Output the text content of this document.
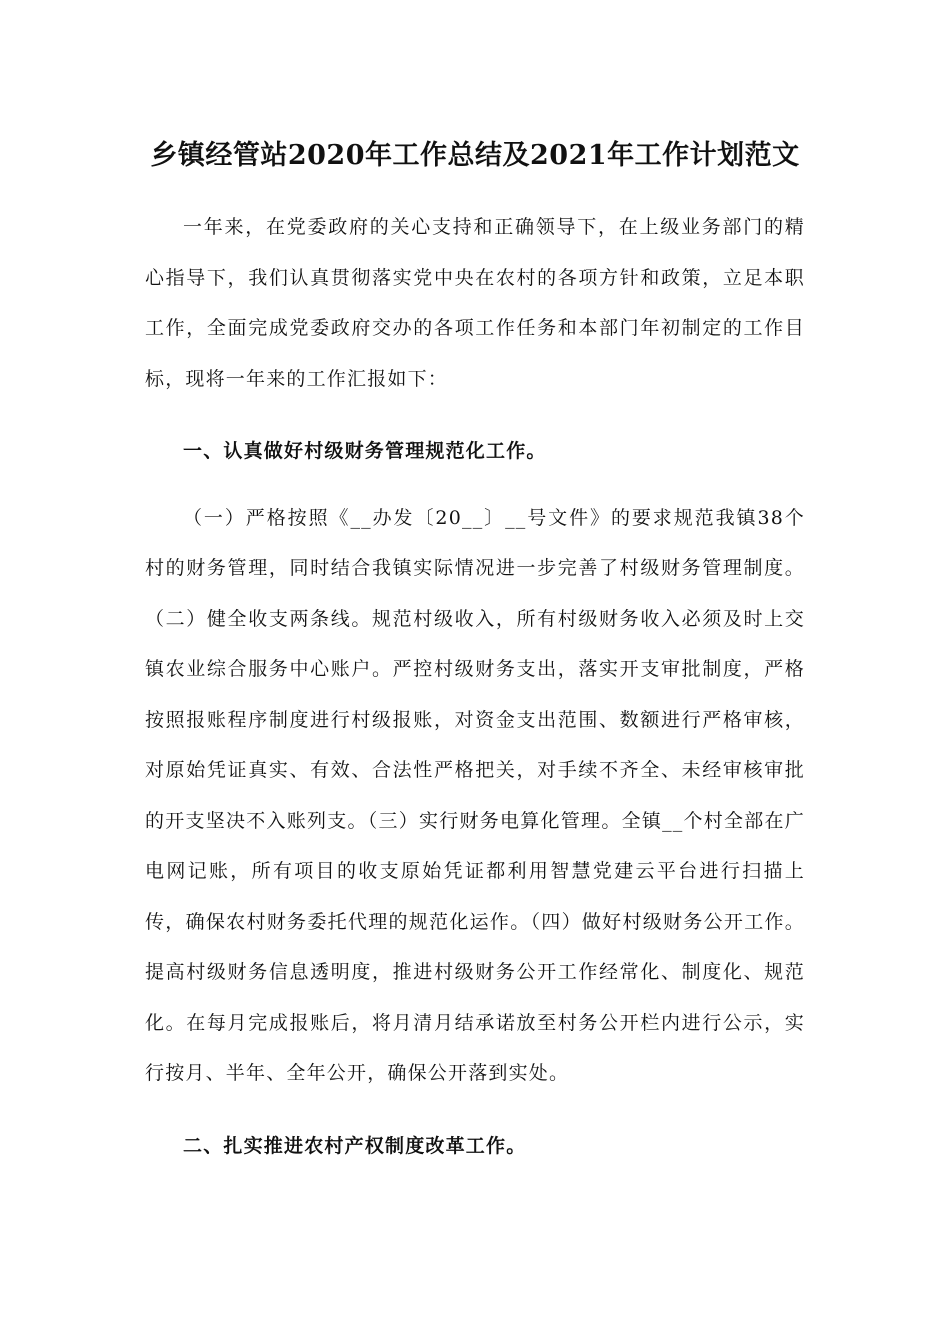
乡镇经管站2020年工作总结及2021年工作计划范文

一年来，在党委政府的关心支持和正确领导下，在上级业务部门的精心指导下，我们认真贯彻落实党中央在农村的各项方针和政策，立足本职工作，全面完成党委政府交办的各项工作任务和本部门年初制定的工作目标，现将一年来的工作汇报如下：

一、认真做好村级财务管理规范化工作。

（一）严格按照《__办发〔20__〕__号文件》的要求规范我镇38个村的财务管理，同时结合我镇实际情况进一步完善了村级财务管理制度。（二）健全收支两条线。规范村级收入，所有村级财务收入必须及时上交镇农业综合服务中心账户。严控村级财务支出，落实开支审批制度，严格按照报账程序制度进行村级报账，对资金支出范围、数额进行严格审核，对原始凭证真实、有效、合法性严格把关，对手续不齐全、未经审核审批的开支坚决不入账列支。（三）实行财务电算化管理。全镇__个村全部在广电网记账，所有项目的收支原始凭证都利用智慧党建云平台进行扫描上传，确保农村财务委托代理的规范化运作。（四）做好村级财务公开工作。提高村级财务信息透明度，推进村级财务公开工作经常化、制度化、规范化。在每月完成报账后，将月清月结承诺放至村务公开栏内进行公示，实行按月、半年、全年公开，确保公开落到实处。

二、扎实推进农村产权制度改革工作。
